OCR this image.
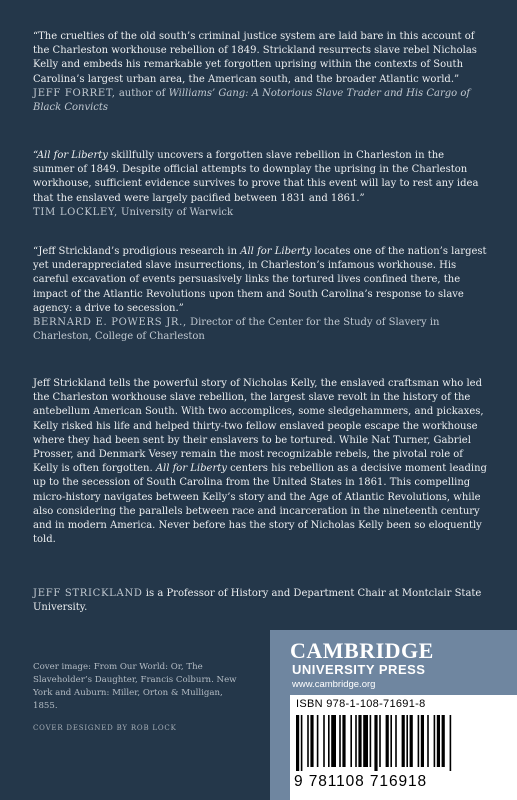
“The cruelties of the old south’s criminal justice system are laid bare in this account of the Charleston workhouse rebellion of 1849. Strickland resurrects slave rebel Nicholas Kelly and embeds his remarkable yet forgotten uprising within the contexts of South Carolina’s largest urban area, the American south, and the broader Atlantic world.”
JEFF FORRET, author of Williams’ Gang: A Notorious Slave Trader and His Cargo of Black Convicts

“All for Liberty skillfully uncovers a forgotten slave rebellion in Charleston in the summer of 1849. Despite official attempts to downplay the uprising in the Charleston workhouse, sufficient evidence survives to prove that this event will lay to rest any idea that the enslaved were largely pacified between 1831 and 1861.”
TIM LOCKLEY, University of Warwick

“Jeff Strickland’s prodigious research in All for Liberty locates one of the nation’s largest yet underappreciated slave insurrections, in Charleston’s infamous workhouse. His careful excavation of events persuasively links the tortured lives confined there, the impact of the Atlantic Revolutions upon them and South Carolina’s response to slave agency: a drive to secession.”
BERNARD E. POWERS JR., Director of the Center for the Study of Slavery in Charleston, College of Charleston

Jeff Strickland tells the powerful story of Nicholas Kelly, the enslaved craftsman who led the Charleston workhouse slave rebellion, the largest slave revolt in the history of the antebellum American South. With two accomplices, some sledgehammers, and pickaxes, Kelly risked his life and helped thirty-two fellow enslaved people escape the workhouse where they had been sent by their enslavers to be tortured. While Nat Turner, Gabriel Prosser, and Denmark Vesey remain the most recognizable rebels, the pivotal role of Kelly is often forgotten. All for Liberty centers his rebellion as a decisive moment leading up to the secession of South Carolina from the United States in 1861. This compelling micro-history navigates between Kelly’s story and the Age of Atlantic Revolutions, while also considering the parallels between race and incarceration in the nineteenth century and in modern America. Never before has the story of Nicholas Kelly been so eloquently told.

JEFF STRICKLAND is a Professor of History and Department Chair at Montclair State University.

Cover image: From Our World: Or, The Slaveholder’s Daughter, Francis Colburn. New York and Auburn: Miller, Orton & Mulligan, 1855.
COVER DESIGNED BY ROB LOCK
CAMBRIDGE
UNIVERSITY PRESS
www.cambridge.org
ISBN 978-1-108-71691-8
9 781108 716918
